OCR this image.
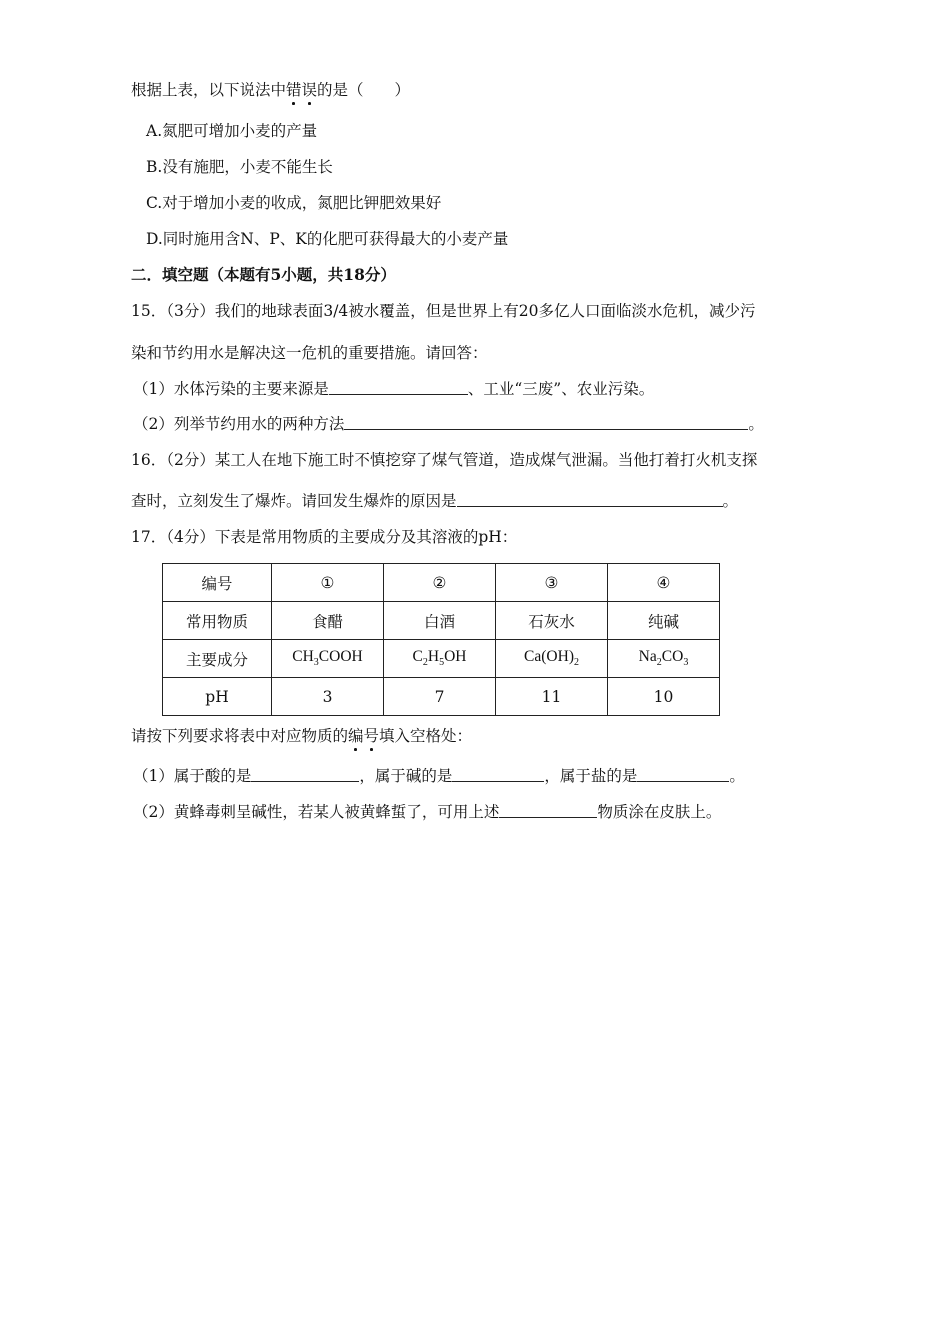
根据上表，以下说法中错误的是（　　）
A.氮肥可增加小麦的产量
B.没有施肥，小麦不能生长
C.对于增加小麦的收成，氮肥比钾肥效果好
D.同时施用含N、P、K的化肥可获得最大的小麦产量
二．填空题（本题有5小题，共18分）
15．（3分）我们的地球表面3/4被水覆盖，但是世界上有20多亿人口面临淡水危机，减少污
染和节约用水是解决这一危机的重要措施。请回答：
（1）水体污染的主要来源是	、工业“三废”、农业污染。
（2）列举节约用水的两种方法	。
16．（2分）某工人在地下施工时不慎挖穿了煤气管道，造成煤气泄漏。当他打着打火机支探
查时，立刻发生了爆炸。请回发生爆炸的原因是	。
17．（4分）下表是常用物质的主要成分及其溶液的pH：
编号	①	②	③	④
常用物质	食醋	白酒	石灰水	纯碱
主要成分	$CH_3COOH$	$C_2H_5OH$	$Ca(OH)_2$	$Na_2CO_3$
pH	3	7	11	10
请按下列要求将表中对应物质的编号填入空格处：
（1）属于酸的是	，属于碱的是	，属于盐的是	。
（2）黄蜂毒刺呈碱性，若某人被黄蜂蜇了，可用上述	物质涂在皮肤上。
